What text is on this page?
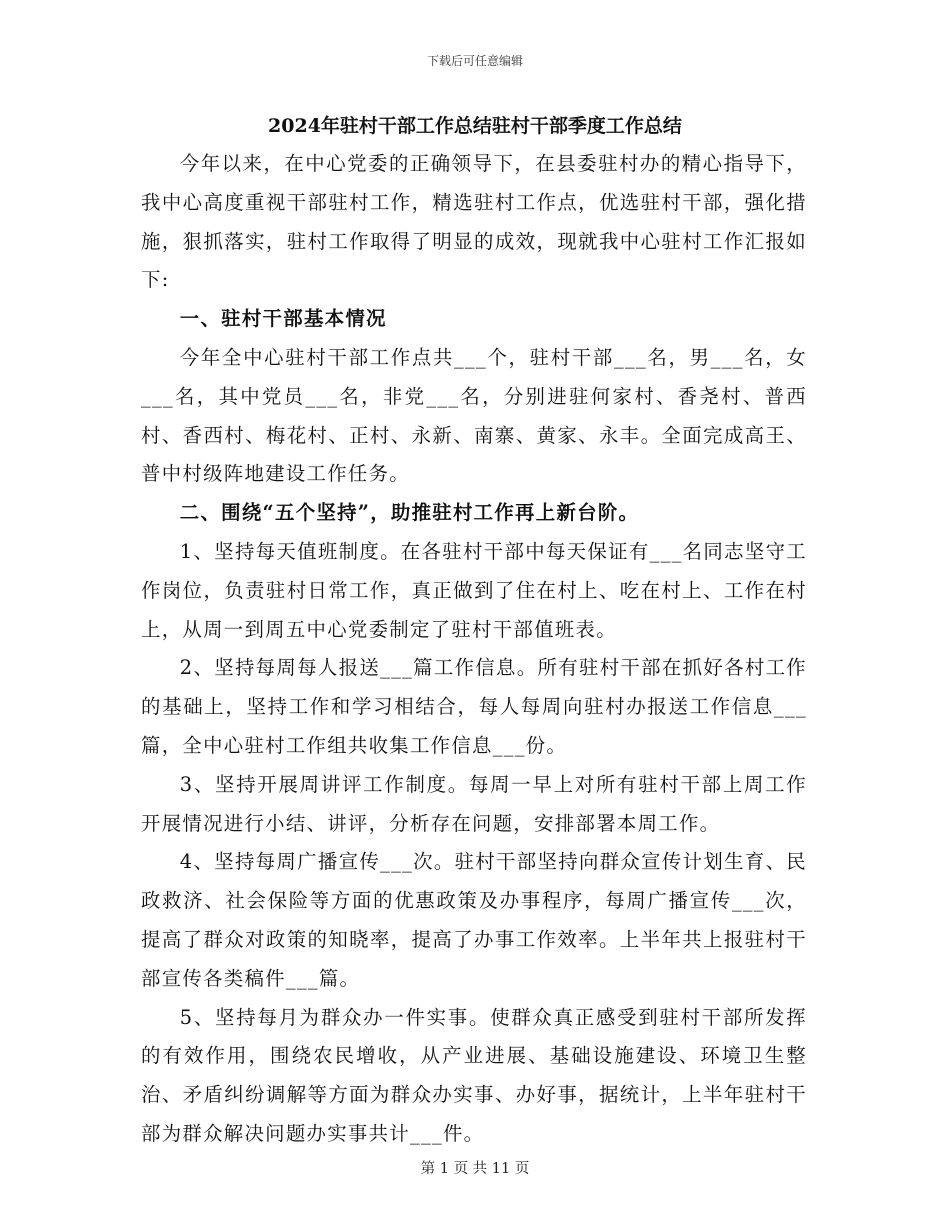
下载后可任意编辑
2024年驻村干部工作总结驻村干部季度工作总结

今年以来，在中心党委的正确领导下，在县委驻村办的精心指导下，我中心高度重视干部驻村工作，精选驻村工作点，优选驻村干部，强化措施，狠抓落实，驻村工作取得了明显的成效，现就我中心驻村工作汇报如下:

一、驻村干部基本情况

今年全中心驻村干部工作点共___个，驻村干部___名，男___名，女___名，其中党员___名，非党___名，分别进驻何家村、香尧村、普西村、香西村、梅花村、正村、永新、南寨、黄家、永丰。全面完成高王、普中村级阵地建设工作任务。

二、围绕“五个坚持”，助推驻村工作再上新台阶。

1、坚持每天值班制度。在各驻村干部中每天保证有___名同志坚守工作岗位，负责驻村日常工作，真正做到了住在村上、吃在村上、工作在村上，从周一到周五中心党委制定了驻村干部值班表。

2、坚持每周每人报送___篇工作信息。所有驻村干部在抓好各村工作的基础上，坚持工作和学习相结合，每人每周向驻村办报送工作信息___篇，全中心驻村工作组共收集工作信息___份。

3、坚持开展周讲评工作制度。每周一早上对所有驻村干部上周工作开展情况进行小结、讲评，分析存在问题，安排部署本周工作。

4、坚持每周广播宣传___次。驻村干部坚持向群众宣传计划生育、民政救济、社会保险等方面的优惠政策及办事程序，每周广播宣传___次，提高了群众对政策的知晓率，提高了办事工作效率。上半年共上报驻村干部宣传各类稿件___篇。

5、坚持每月为群众办一件实事。使群众真正感受到驻村干部所发挥的有效作用，围绕农民增收，从产业进展、基础设施建设、环境卫生整治、矛盾纠纷调解等方面为群众办实事、办好事，据统计，上半年驻村干部为群众解决问题办实事共计___件。

第 1 页 共 11 页
